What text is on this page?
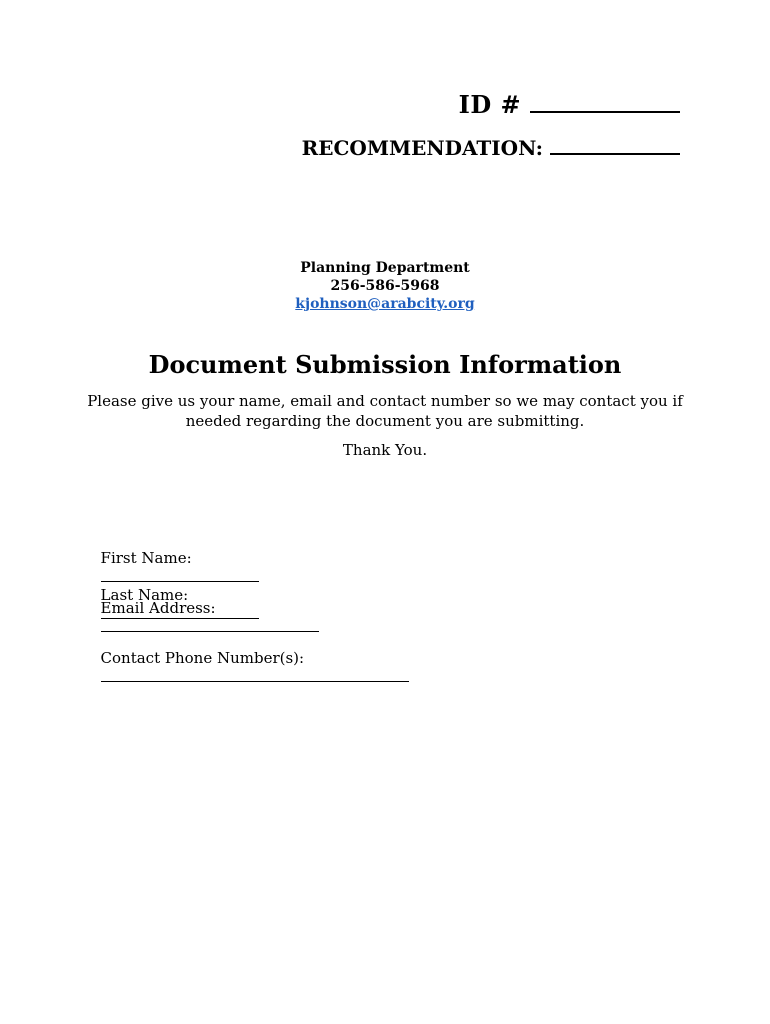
ID #
RECOMMENDATION:
Planning Department
256-586-5968
kjohnson@arabcity.org
Document Submission Information
Please give us your name, email and contact number so we may contact you if needed regarding the document you are submitting.
Thank You.

First Name:

Last Name:

Email Address:

Contact Phone Number(s):
